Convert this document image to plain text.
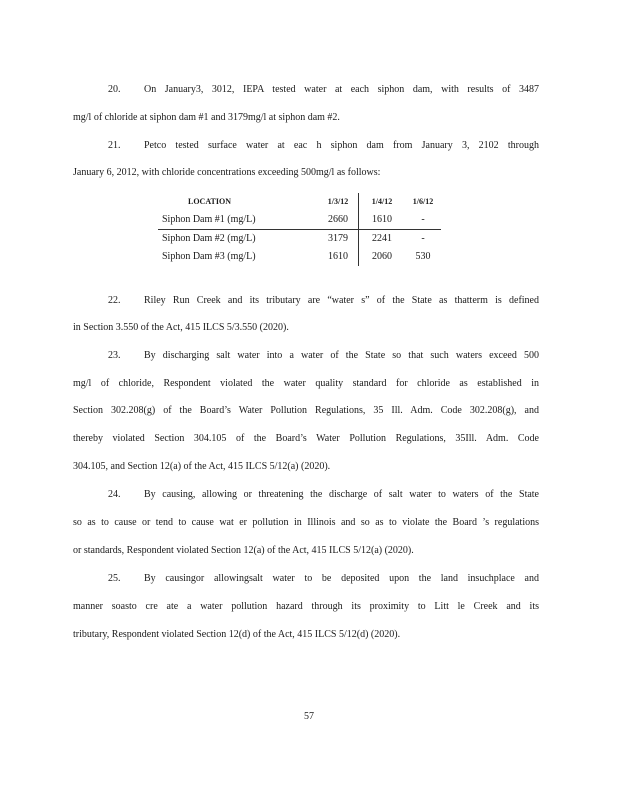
20. On January3, 3012, IEPA tested water at each siphon dam, with results of 3487
mg/l of chloride at siphon dam #1 and 3179mg/l at siphon dam #2.
21. Petco tested surface water at eac h siphon dam from January 3, 2102 through
January 6, 2012, with chloride concentrations exceeding 500mg/l as follows:
LOCATION	1/3/12	1/4/12	1/6/12
Siphon Dam #1 (mg/L)	2660	1610	-
Siphon Dam #2 (mg/L)	3179	2241	-
Siphon Dam #3 (mg/L)	1610	2060	530
22. Riley Run Creek and its tributary are “water s” of the State as thatterm is defined
in Section 3.550 of the Act, 415 ILCS 5/3.550 (2020).
23. By discharging salt water into a water of the State so that such waters exceed 500
mg/l of chloride, Respondent violated the water quality standard for chloride as established in
Section 302.208(g) of the Board’s Water Pollution Regulations, 35 Ill. Adm. Code 302.208(g), and
thereby violated Section 304.105 of the Board’s Water Pollution Regulations, 35Ill. Adm. Code
304.105, and Section 12(a) of the Act, 415 ILCS 5/12(a) (2020).
24. By causing, allowing or threatening the discharge of salt water to waters of the State
so as to cause or tend to cause wat er pollution in Illinois and so as to violate the Board ’s regulations
or standards, Respondent violated Section 12(a) of the Act, 415 ILCS 5/12(a) (2020).
25. By causingor allowingsalt water to be deposited upon the land insuchplace and
manner soasto cre ate a water pollution hazard through its proximity to Litt le Creek and its
tributary, Respondent violated Section 12(d) of the Act, 415 ILCS 5/12(d) (2020).
57
